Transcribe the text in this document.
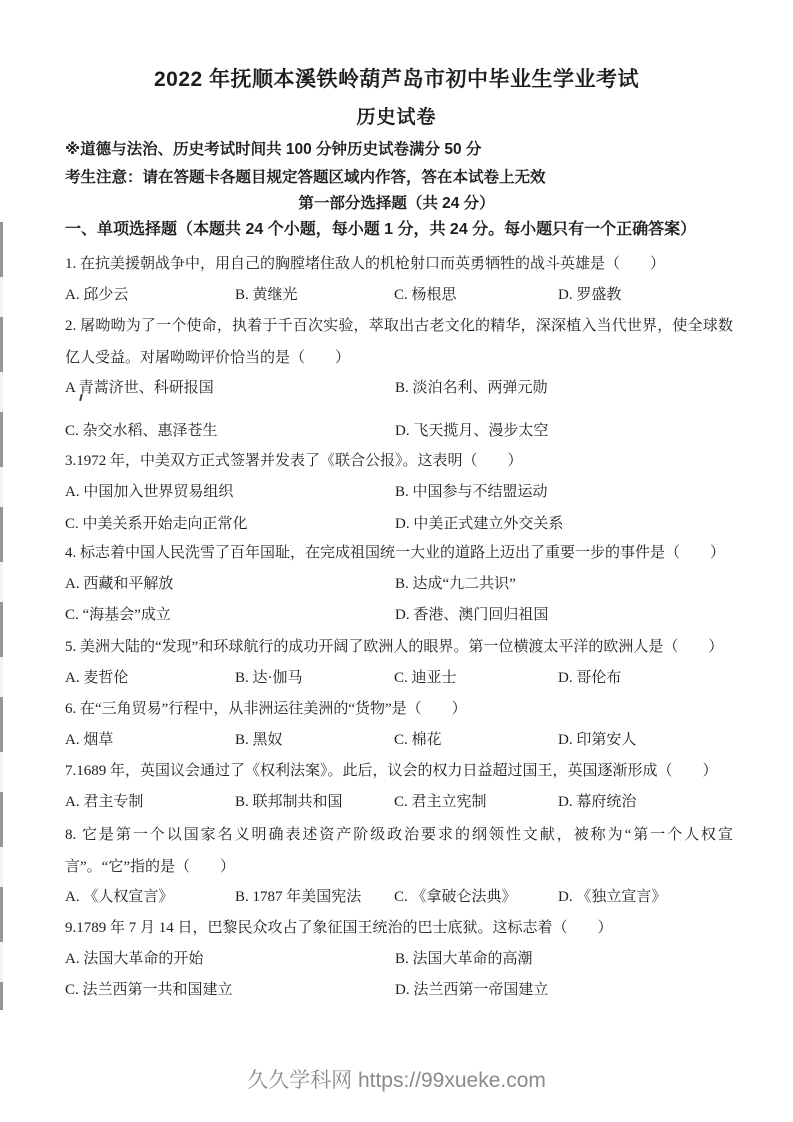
2022 年抚顺本溪铁岭葫芦岛市初中毕业生学业考试
历史试卷
※道德与法治、历史考试时间共 100 分钟历史试卷满分 50 分
考生注意：请在答题卡各题目规定答题区域内作答，答在本试卷上无效
第一部分选择题（共 24 分）
一、单项选择题（本题共 24 个小题，每小题 1 分，共 24 分。每小题只有一个正确答案）
1. 在抗美援朝战争中，用自己的胸膛堵住敌人的机枪射口而英勇牺牲的战斗英雄是（　　）
A. 邱少云	B. 黄继光	C. 杨根思	D. 罗盛教
2. 屠呦呦为了一个使命，执着于千百次实验，萃取出古老文化的精华，深深植入当代世界，使全球数亿人受益。对屠呦呦评价恰当的是（　　）
A 青蒿济世、科研报国	B. 淡泊名利、两弹元勋
C. 杂交水稻、惠泽苍生	D. 飞天揽月、漫步太空
3.1972 年，中美双方正式签署并发表了《联合公报》。这表明（　　）
A. 中国加入世界贸易组织	B. 中国参与不结盟运动
C. 中美关系开始走向正常化	D. 中美正式建立外交关系
4. 标志着中国人民洗雪了百年国耻，在完成祖国统一大业的道路上迈出了重要一步的事件是（　　）
A. 西藏和平解放	B. 达成“九二共识”
C. “海基会”成立	D. 香港、澳门回归祖国
5. 美洲大陆的“发现”和环球航行的成功开阔了欧洲人的眼界。第一位横渡太平洋的欧洲人是（　　）
A. 麦哲伦	B. 达·伽马	C. 迪亚士	D. 哥伦布
6. 在“三角贸易”行程中，从非洲运往美洲的“货物”是（　　）
A. 烟草	B. 黑奴	C. 棉花	D. 印第安人
7.1689 年，英国议会通过了《权利法案》。此后，议会的权力日益超过国王，英国逐渐形成（　　）
A. 君主专制	B. 联邦制共和国	C. 君主立宪制	D. 幕府统治
8. 它是第一个以国家名义明确表述资产阶级政治要求的纲领性文献，被称为“第一个人权宣言”。“它”指的是（　　）
A. 《人权宣言》	B. 1787 年美国宪法	C. 《拿破仑法典》	D. 《独立宣言》
9.1789 年 7 月 14 日，巴黎民众攻占了象征国王统治的巴士底狱。这标志着（　　）
A. 法国大革命的开始	B. 法国大革命的高潮
C. 法兰西第一共和国建立	D. 法兰西第一帝国建立
久久学科网 https://99xueke.com
